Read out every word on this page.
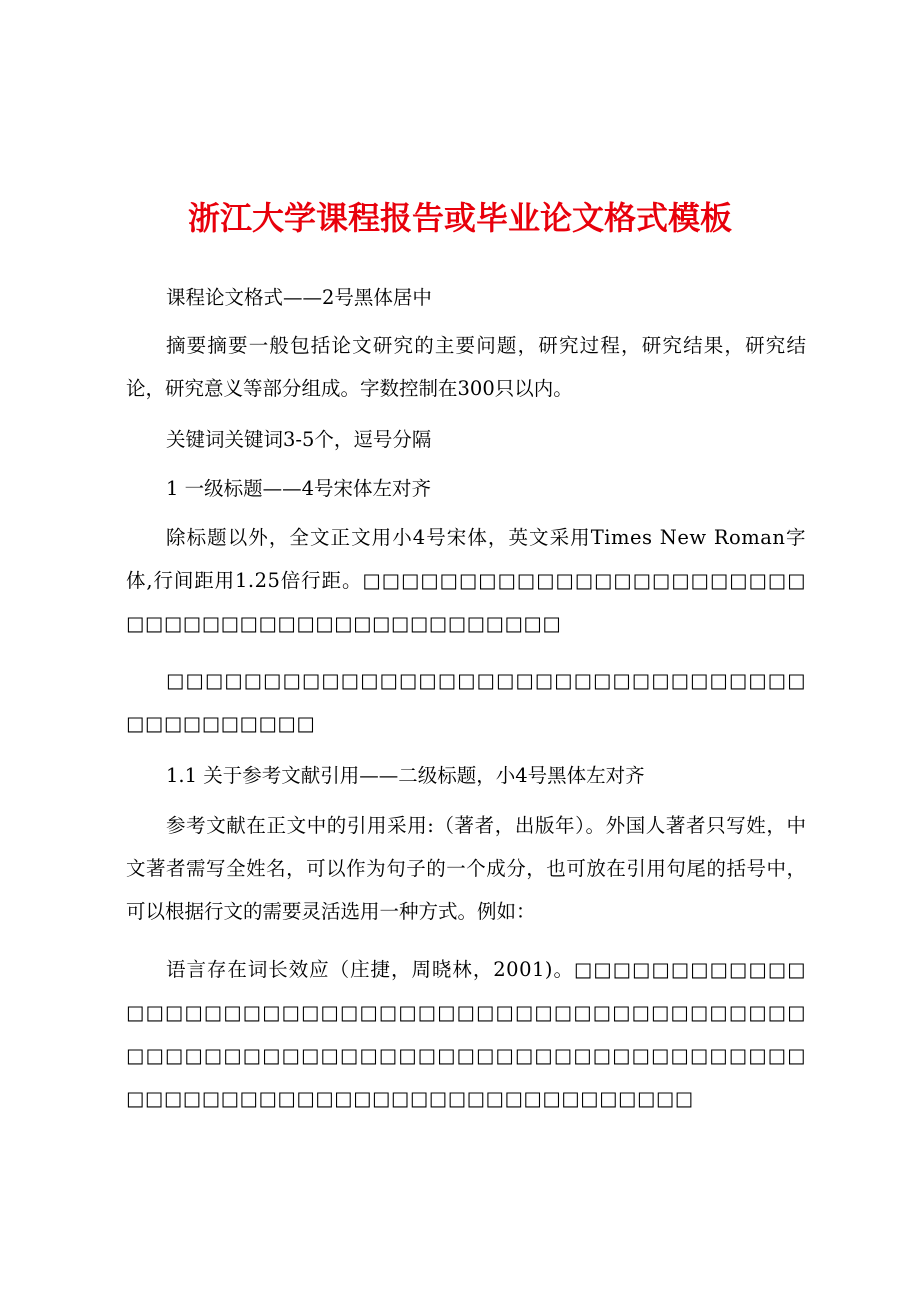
浙江大学课程报告或毕业论文格式模板
课程论文格式——2号黑体居中
摘要摘要一般包括论文研究的主要问题，研究过程，研究结果，研究结论，研究意义等部分组成。字数控制在300只以内。
关键词关键词3-5个，逗号分隔
1 一级标题——4号宋体左对齐
除标题以外，全文正文用小4号宋体，英文采用Times New Roman字体,行间距用1.25倍行距。□□□□□□□□□□□□□□□□□□□□□□□□□□□□□□□□□□□□□□□□□□□□□□
□□□□□□□□□□□□□□□□□□□□□□□□□□□□□□□□□□□□□□□□□□□
1.1 关于参考文献引用——二级标题，小4号黑体左对齐
参考文献在正文中的引用采用:（著者，出版年）。外国人著者只写姓，中文著者需写全姓名，可以作为句子的一个成分，也可放在引用句尾的括号中，可以根据行文的需要灵活选用一种方式。例如：
语言存在词长效应（庄捷，周晓林，2001)。□□□□□□□□□□□□□□□□□□□□□□□□□□□□□□□□□□□□□□□□□□□□□□□□□□□□□□□□□□□□□□□□□□□□□□□□□□□□□□□□□□□□□□□□□□□□□□□□□□□□□□□□□□□□□□□□
